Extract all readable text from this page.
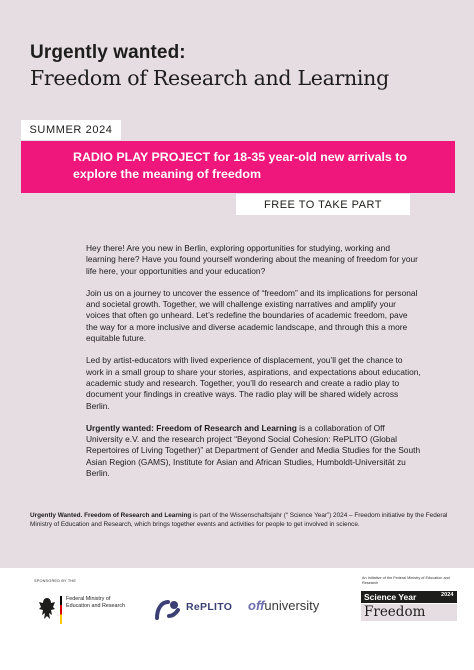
Urgently wanted:
Freedom of Research and Learning
SUMMER 2024
RADIO PLAY PROJECT for 18-35 year-old new arrivals to explore the meaning of freedom
FREE TO TAKE PART

Hey there! Are you new in Berlin, exploring opportunities for studying, working and learning here? Have you found yourself wondering about the meaning of freedom for your life here, your opportunities and your education?

Join us on a journey to uncover the essence of “freedom” and its implications for personal and societal growth. Together, we will challenge existing narratives and amplify your voices that often go unheard. Let’s redefine the boundaries of academic freedom, pave the way for a more inclusive and diverse academic landscape, and through this a more equitable future.

Led by artist-educators with lived experience of displacement, you’ll get the chance to work in a small group to share your stories, aspirations, and expectations about education, academic study and research. Together, you’ll do research and create a radio play to document your findings in creative ways. The radio play will be shared widely across Berlin.

Urgently wanted: Freedom of Research and Learning is a collaboration of Off University e.V. and the research project “Beyond Social Cohesion: RePLITO (Global Repertoires of Living Together)” at Department of Gender and Media Studies for the South Asian Region (GAMS), Institute for Asian and African Studies, Humboldt-Universität zu Berlin.

Urgently Wanted. Freedom of Research and Learning is part of the Wissenschaftsjahr (“ Science Year”) 2024 – Freedom initiative by the Federal Ministry of Education and Research, which brings together events and activities for people to get involved in science.
SPONSORED BY THE
Federal Ministry of Education and Research	RePLITO offuniversity
An Initiative of the Federal Ministry of Education and Research
Science Year	2024
Freedom
